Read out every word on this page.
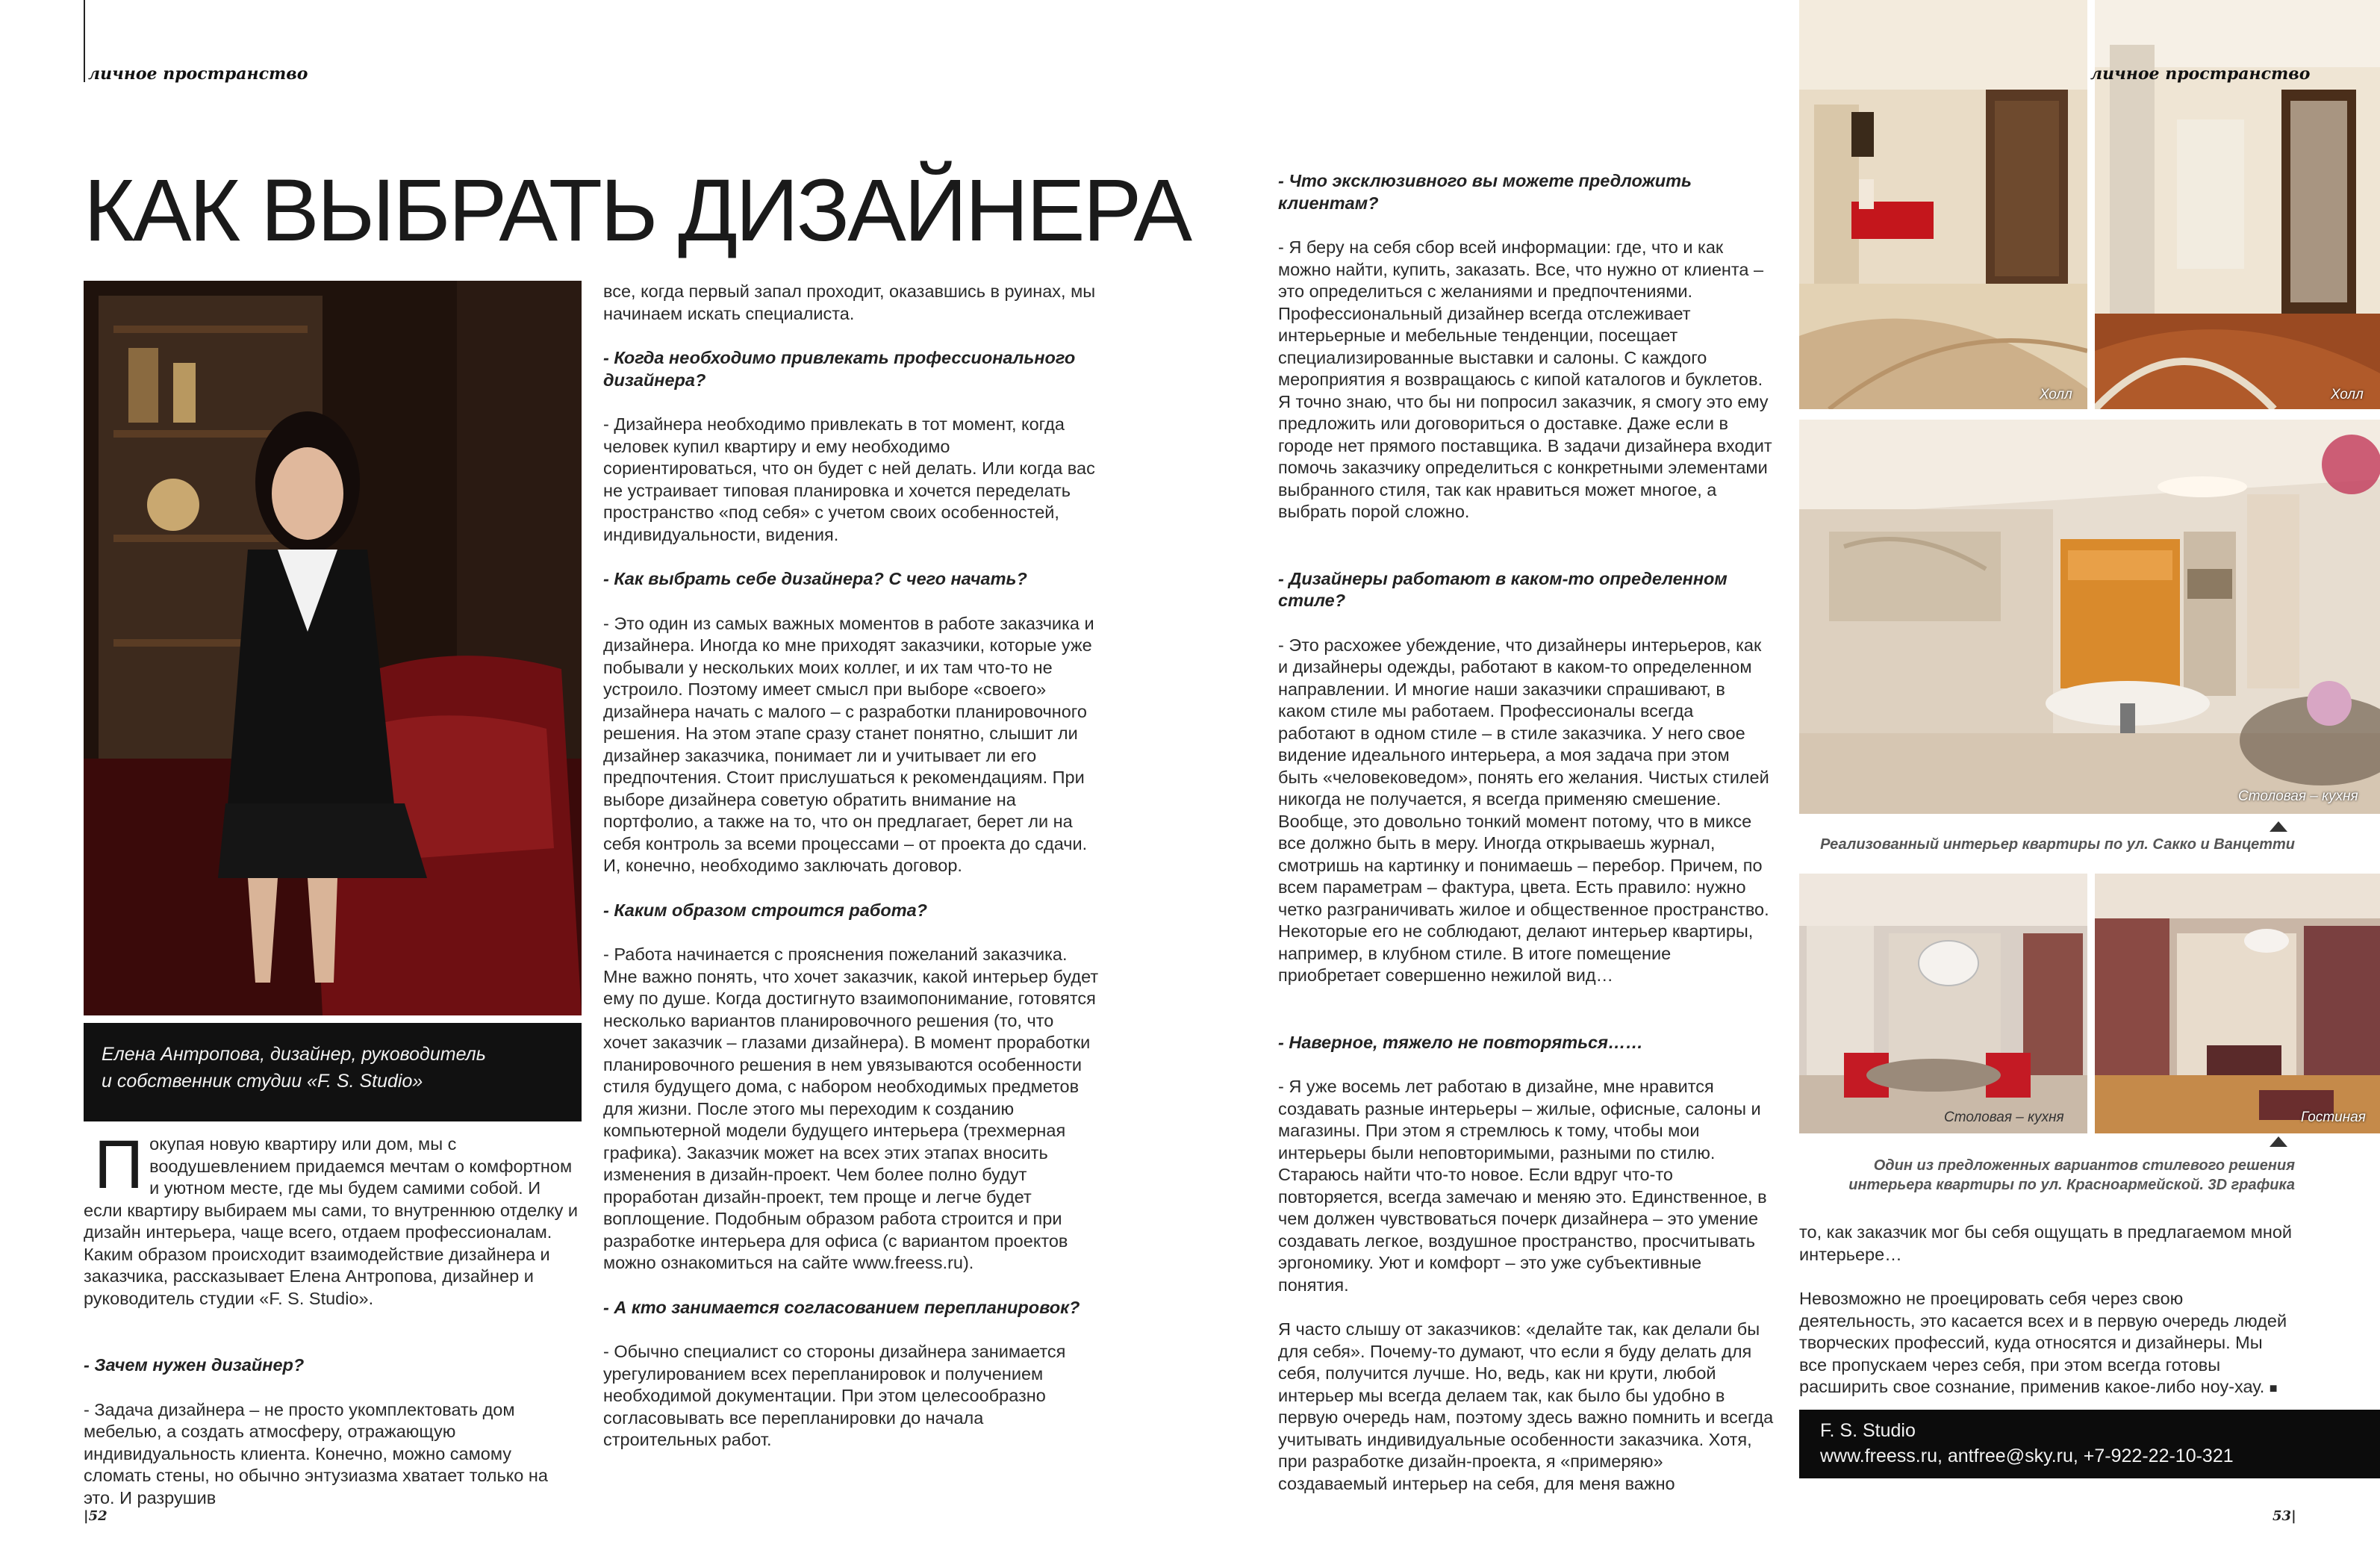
личное пространство
КАК ВЫБРАТЬ ДИЗАЙНЕРА
Елена Антропова, дизайнер, руководитель
и собственник студии «F. S. Studio»

Покупая новую квартиру или дом, мы с воодушевлением придаемся мечтам о комфортном и уютном месте, где мы будем самими собой. И если квартиру выбираем мы сами, то внутреннюю отделку и дизайн интерьера, чаще всего, отдаем профессионалам. Каким образом происходит взаимодействие дизайнера и заказчика, рассказывает Елена Антропова, дизайнер и руководитель студии «F. S. Studio».

- Зачем нужен дизайнер?

- Задача дизайнера – не просто укомплектовать дом мебелью, а создать атмосферу, отражающую индивидуальность клиента. Конечно, можно самому сломать стены, но обычно энтузиазма хватает только на это. И разрушив

все, когда первый запал проходит, оказавшись в руинах, мы начинаем искать специалиста.

- Когда необходимо привлекать профессионального дизайнера?

- Дизайнера необходимо привлекать в тот момент, когда человек купил квартиру и ему необходимо сориентироваться, что он будет с ней делать. Или когда вас не устраивает типовая планировка и хочется переделать пространство «под себя» с учетом своих особенностей, индивидуальности, видения.

- Как выбрать себе дизайнера? С чего начать?

- Это один из самых важных моментов в работе заказчика и дизайнера. Иногда ко мне приходят заказчики, которые уже побывали у нескольких моих коллег, и их там что-то не устроило. Поэтому имеет смысл при выборе «своего» дизайнера начать с малого – с разработки планировочного решения. На этом этапе сразу станет понятно, слышит ли дизайнер заказчика, понимает ли и учитывает ли его предпочтения. Стоит прислушаться к рекомендациям. При выборе дизайнера советую обратить внимание на портфолио, а также на то, что он предлагает, берет ли на себя контроль за всеми процессами – от проекта до сдачи. И, конечно, необходимо заключать договор.

- Каким образом строится работа?

- Работа начинается с прояснения пожеланий заказчика. Мне важно понять, что хочет заказчик, какой интерьер будет ему по душе. Когда достигнуто взаимопонимание, готовятся несколько вариантов планировочного решения (то, что хочет заказчик – глазами дизайнера). В момент проработки планировочного решения в нем увязываются особенности стиля будущего дома, с набором необходимых предметов для жизни. После этого мы переходим к созданию компьютерной модели будущего интерьера (трехмерная графика). Заказчик может на всех этих этапах вносить изменения в дизайн-проект. Чем более полно будут проработан дизайн-проект, тем проще и легче будет воплощение. Подобным образом работа строится и при разработке интерьера для офиса (с вариантом проектов можно ознакомиться на сайте www.freess.ru).

- А кто занимается согласованием перепланировок?

- Обычно специалист со стороны дизайнера занимается урегулированием всех перепланировок и получением необходимой документации. При этом целесообразно согласовывать все перепланировки до начала строительных работ.

|52

- Что эксклюзивного вы можете предложить клиентам?

- Я беру на себя сбор всей информации: где, что и как можно найти, купить, заказать. Все, что нужно от клиента – это определиться с желаниями и предпочтениями. Профессиональный дизайнер всегда отслеживает интерьерные и мебельные тенденции, посещает специализированные выставки и салоны. С каждого мероприятия я возвращаюсь с кипой каталогов и буклетов. Я точно знаю, что бы ни попросил заказчик, я смогу это ему предложить или договориться о доставке. Даже если в городе нет прямого поставщика. В задачи дизайнера входит помочь заказчику определиться с конкретными элементами выбранного стиля, так как нравиться может многое, а выбрать порой сложно.

- Дизайнеры работают в каком-то определенном стиле?

- Это расхожее убеждение, что дизайнеры интерьеров, как и дизайнеры одежды, работают в каком-то определенном направлении. И многие наши заказчики спрашивают, в каком стиле мы работаем. Профессионалы всегда работают в одном стиле – в стиле заказчика. У него свое видение идеального интерьера, а моя задача при этом быть «человековедом», понять его желания. Чистых стилей никогда не получается, я всегда применяю смешение. Вообще, это довольно тонкий момент потому, что в миксе все должно быть в меру. Иногда открываешь журнал, смотришь на картинку и понимаешь – перебор. Причем, по всем параметрам – фактура, цвета. Есть правило: нужно четко разграничивать жилое и общественное пространство. Некоторые его не соблюдают, делают интерьер квартиры, например, в клубном стиле. В итоге помещение приобретает совершенно нежилой вид…

- Наверное, тяжело не повторяться……

- Я уже восемь лет работаю в дизайне, мне нравится создавать разные интерьеры – жилые, офисные, салоны и магазины. При этом я стремлюсь к тому, чтобы мои интерьеры были неповторимыми, разными по стилю. Стараюсь найти что-то новое. Если вдруг что-то повторяется, всегда замечаю и меняю это. Единственное, в чем должен чувствоваться почерк дизайнера – это умение создавать легкое, воздушное пространство, просчитывать эргономику. Уют и комфорт – это уже субъективные понятия.

Я часто слышу от заказчиков: «делайте так, как делали бы для себя». Почему-то думают, что если я буду делать для себя, получится лучше. Но, ведь, как ни крути, любой интерьер мы всегда делаем так, как было бы удобно в первую очередь нам, поэтому здесь важно помнить и всегда учитывать индивидуальные особенности заказчика. Хотя, при разработке дизайн-проекта, я «примеряю» создаваемый интерьер на себя, для меня важно

Холл	Холл
личное пространство
Столовая – кухня
Реализованный интерьер квартиры по ул. Сакко и Ванцетти
Столовая – кухня	Гостиная
Один из предложенных вариантов стилевого решения
интерьера квартиры по ул. Красноармейской. 3D графика

то, как заказчик мог бы себя ощущать в предлагаемом мной интерьере…

Невозможно не проецировать себя через свою деятельность, это касается всех и в первую очередь людей творческих профессий, куда относятся и дизайнеры. Мы все пропускаем через себя, при этом всегда готовы расширить свое сознание, применив какое-либо ноу-хау. ■

F. S. Studio
www.freess.ru, antfree@sky.ru, +7-922-22-10-321
53|
